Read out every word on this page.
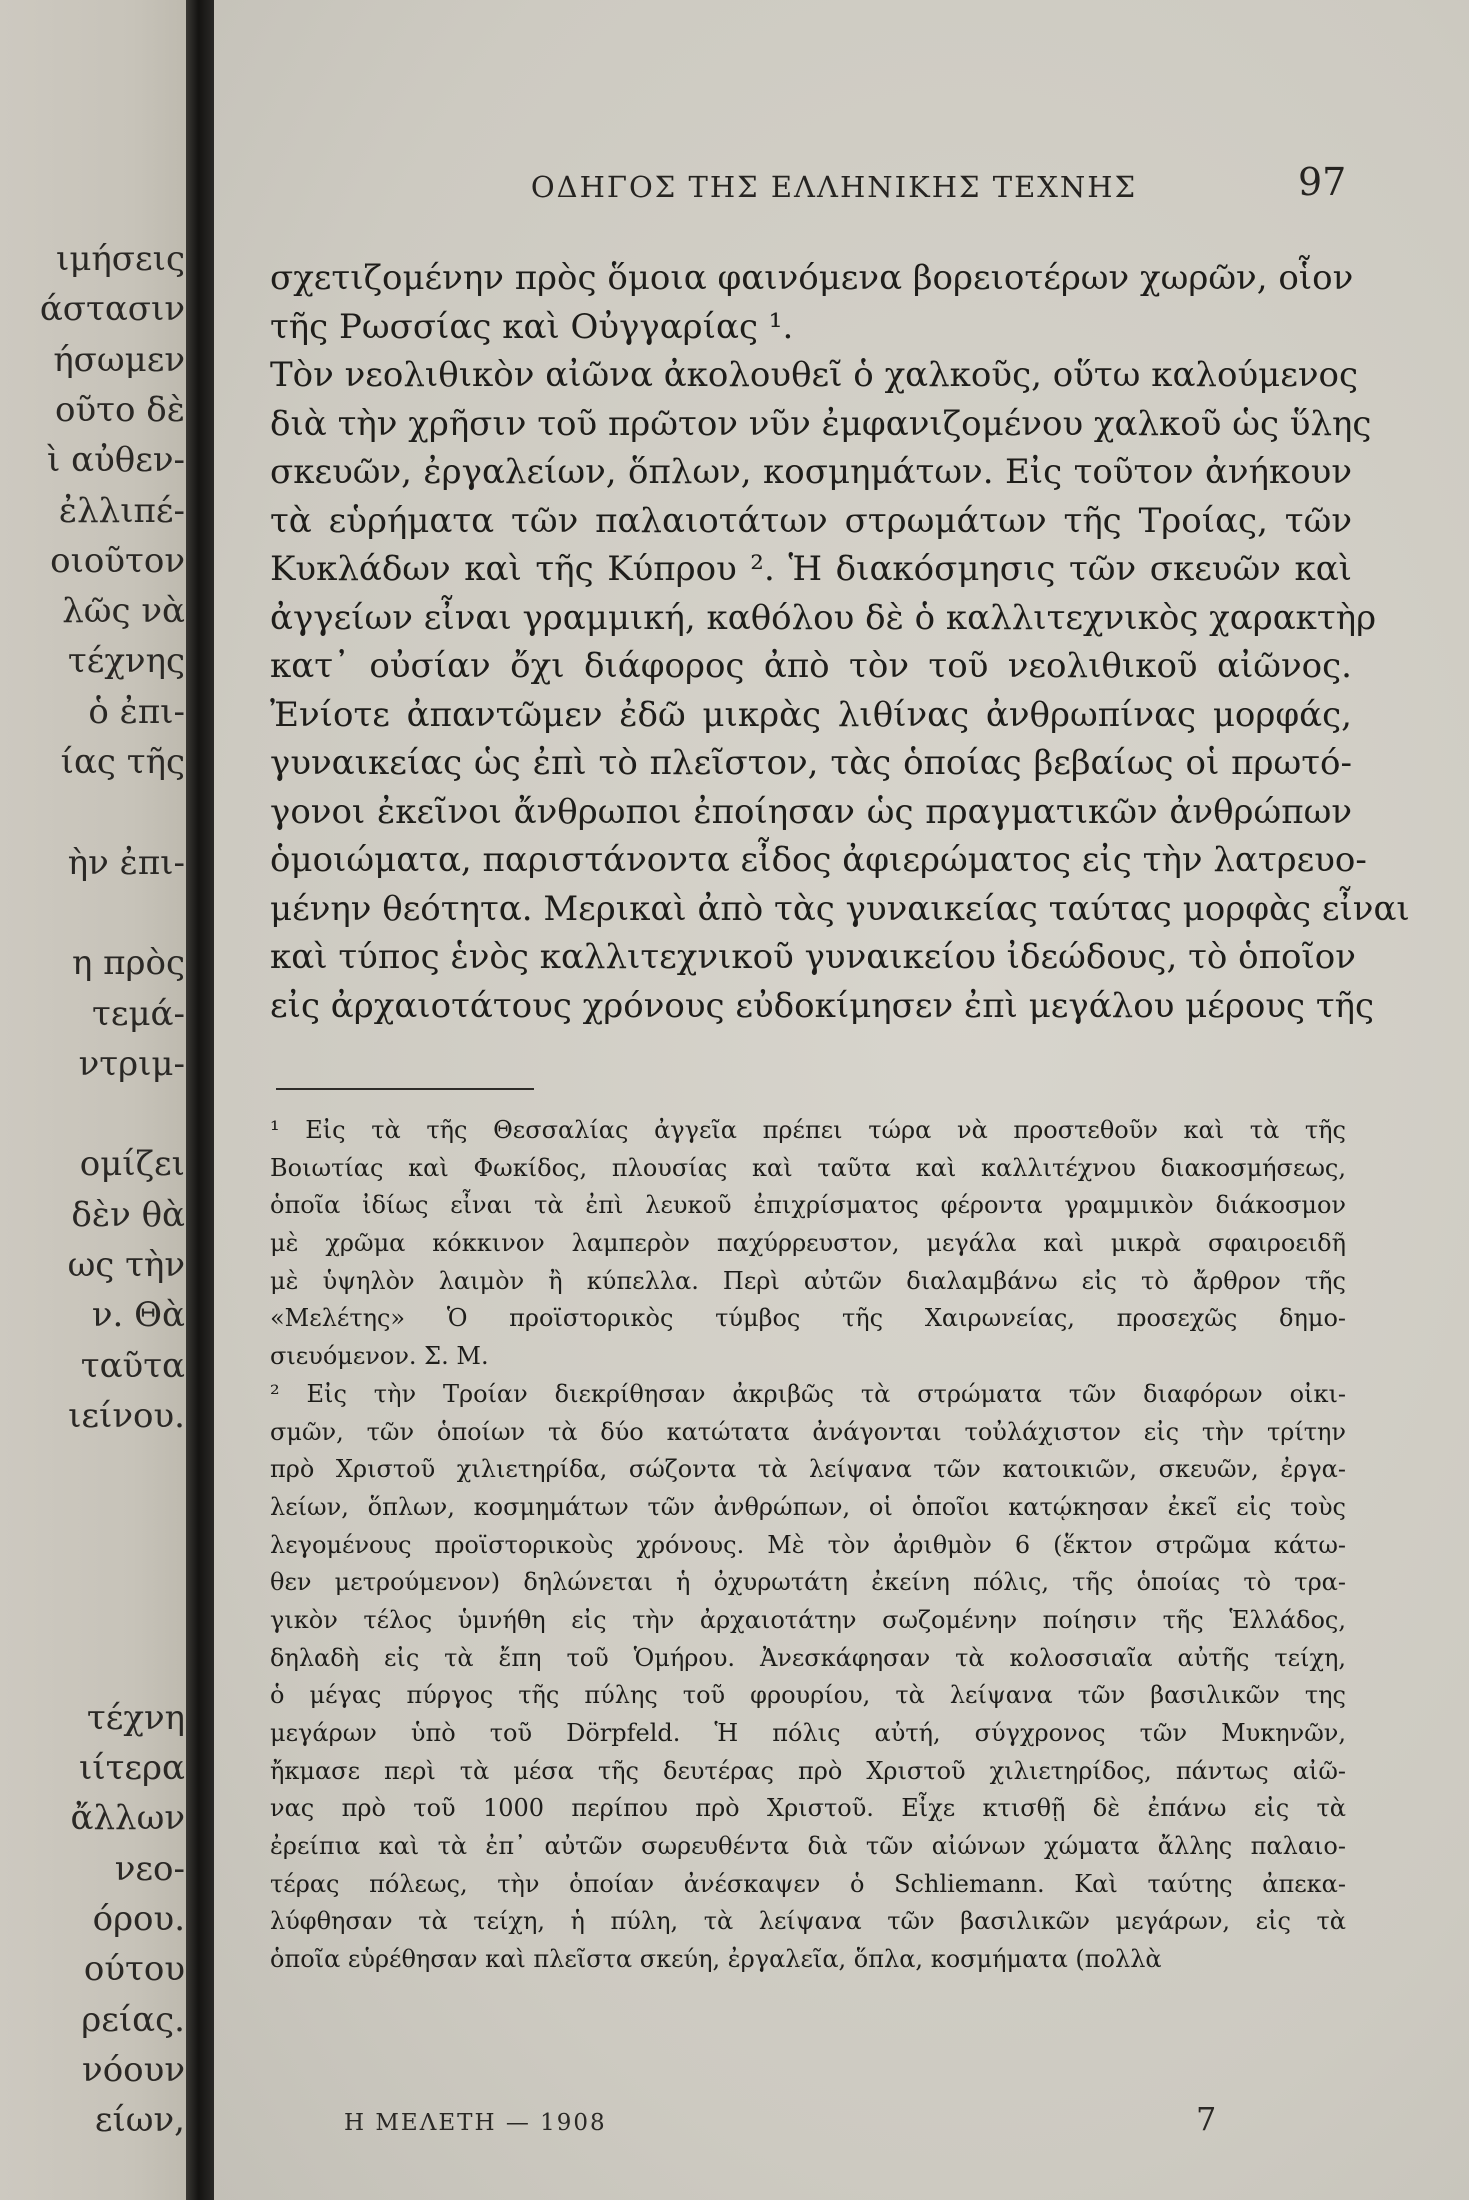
ιμήσεις
άστασιν
ήσωμεν
οῦτο δὲ
ὶ αὐθεν-
ἐλλιπέ-
οιοῦτον
λῶς νὰ
τέχνης
ὁ ἐπι-
ίας τῆς
ὴν ἐπι-
η πρὸς
τεμά-
ντριμ-
ομίζει
δὲν θὰ
ως τὴν
ν. Θὰ
ταῦτα
ιείνου.
τέχνη
ιίτερα
ἄλλων
νεο-
όρου.
ούτου
ρείας.
νόουν
είων,
ΟΔΗΓΟΣ ΤΗΣ ΕΛΛΗΝΙΚΗΣ ΤΕΧΝΗΣ	97
σχετιζομένην πρὸς ὅμοια φαινόμενα βορειοτέρων χωρῶν, οἷον
τῆς Ρωσσίας καὶ Οὐγγαρίας ¹.
Τὸν νεολιθικὸν αἰῶνα ἀκολουθεῖ ὁ χαλκοῦς, οὕτω καλούμενος
διὰ τὴν χρῆσιν τοῦ πρῶτον νῦν ἐμφανιζομένου χαλκοῦ ὡς ὕλης
σκευῶν, ἐργαλείων, ὅπλων, κοσμημάτων. Εἰς τοῦτον ἀνήκουν
τὰ εὑρήματα τῶν παλαιοτάτων στρωμάτων τῆς Τροίας, τῶν
Κυκλάδων καὶ τῆς Κύπρου ². Ἡ διακόσμησις τῶν σκευῶν καὶ
ἀγγείων εἶναι γραμμική, καθόλου δὲ ὁ καλλιτεχνικὸς χαρακτὴρ
κατ᾽ οὐσίαν ὄχι διάφορος ἀπὸ τὸν τοῦ νεολιθικοῦ αἰῶνος.
Ἐνίοτε ἀπαντῶμεν ἐδῶ μικρὰς λιθίνας ἀνθρωπίνας μορφάς,
γυναικείας ὡς ἐπὶ τὸ πλεῖστον, τὰς ὁποίας βεβαίως οἱ πρωτό-
γονοι ἐκεῖνοι ἄνθρωποι ἐποίησαν ὡς πραγματικῶν ἀνθρώπων
ὁμοιώματα, παριστάνοντα εἶδος ἀφιερώματος εἰς τὴν λατρευο-
μένην θεότητα. Μερικαὶ ἀπὸ τὰς γυναικείας ταύτας μορφὰς εἶναι
καὶ τύπος ἑνὸς καλλιτεχνικοῦ γυναικείου ἰδεώδους, τὸ ὁποῖον
εἰς ἀρχαιοτάτους χρόνους εὐδοκίμησεν ἐπὶ μεγάλου μέρους τῆς
¹ Εἰς τὰ τῆς Θεσσαλίας ἀγγεῖα πρέπει τώρα νὰ προστεθοῦν καὶ τὰ τῆς
Βοιωτίας καὶ Φωκίδος, πλουσίας καὶ ταῦτα καὶ καλλιτέχνου διακοσμήσεως,
ὁποῖα ἰδίως εἶναι τὰ ἐπὶ λευκοῦ ἐπιχρίσματος φέροντα γραμμικὸν διάκοσμον
μὲ χρῶμα κόκκινον λαμπερὸν παχύρρευστον, μεγάλα καὶ μικρὰ σφαιροειδῆ
μὲ ὑψηλὸν λαιμὸν ἢ κύπελλα. Περὶ αὐτῶν διαλαμβάνω εἰς τὸ ἄρθρον τῆς
«Μελέτης» Ὁ προϊστορικὸς τύμβος τῆς Χαιρωνείας, προσεχῶς δημο-
σιευόμενον. Σ. Μ.
² Εἰς τὴν Τροίαν διεκρίθησαν ἀκριβῶς τὰ στρώματα τῶν διαφόρων οἰκι-
σμῶν, τῶν ὁποίων τὰ δύο κατώτατα ἀνάγονται τοὐλάχιστον εἰς τὴν τρίτην
πρὸ Χριστοῦ χιλιετηρίδα, σώζοντα τὰ λείψανα τῶν κατοικιῶν, σκευῶν, ἐργα-
λείων, ὅπλων, κοσμημάτων τῶν ἀνθρώπων, οἱ ὁποῖοι κατῴκησαν ἐκεῖ εἰς τοὺς
λεγομένους προϊστορικοὺς χρόνους. Μὲ τὸν ἀριθμὸν 6 (ἕκτον στρῶμα κάτω-
θεν μετρούμενον) δηλώνεται ἡ ὀχυρωτάτη ἐκείνη πόλις, τῆς ὁποίας τὸ τρα-
γικὸν τέλος ὑμνήθη εἰς τὴν ἀρχαιοτάτην σωζομένην ποίησιν τῆς Ἑλλάδος,
δηλαδὴ εἰς τὰ ἔπη τοῦ Ὁμήρου. Ἀνεσκάφησαν τὰ κολοσσιαῖα αὐτῆς τείχη,
ὁ μέγας πύργος τῆς πύλης τοῦ φρουρίου, τὰ λείψανα τῶν βασιλικῶν της
μεγάρων ὑπὸ τοῦ Dörpfeld. Ἡ πόλις αὐτή, σύγχρονος τῶν Μυκηνῶν,
ἤκμασε περὶ τὰ μέσα τῆς δευτέρας πρὸ Χριστοῦ χιλιετηρίδος, πάντως αἰῶ-
νας πρὸ τοῦ 1000 περίπου πρὸ Χριστοῦ. Εἶχε κτισθῇ δὲ ἐπάνω εἰς τὰ
ἐρείπια καὶ τὰ ἐπ᾽ αὐτῶν σωρευθέντα διὰ τῶν αἰώνων χώματα ἄλλης παλαιο-
τέρας πόλεως, τὴν ὁποίαν ἀνέσκαψεν ὁ Schliemann. Καὶ ταύτης ἀπεκα-
λύφθησαν τὰ τείχη, ἡ πύλη, τὰ λείψανα τῶν βασιλικῶν μεγάρων, εἰς τὰ
ὁποῖα εὑρέθησαν καὶ πλεῖστα σκεύη, ἐργαλεῖα, ὅπλα, κοσμήματα (πολλὰ
Η ΜΕΛΕΤΗ — 1908	7
